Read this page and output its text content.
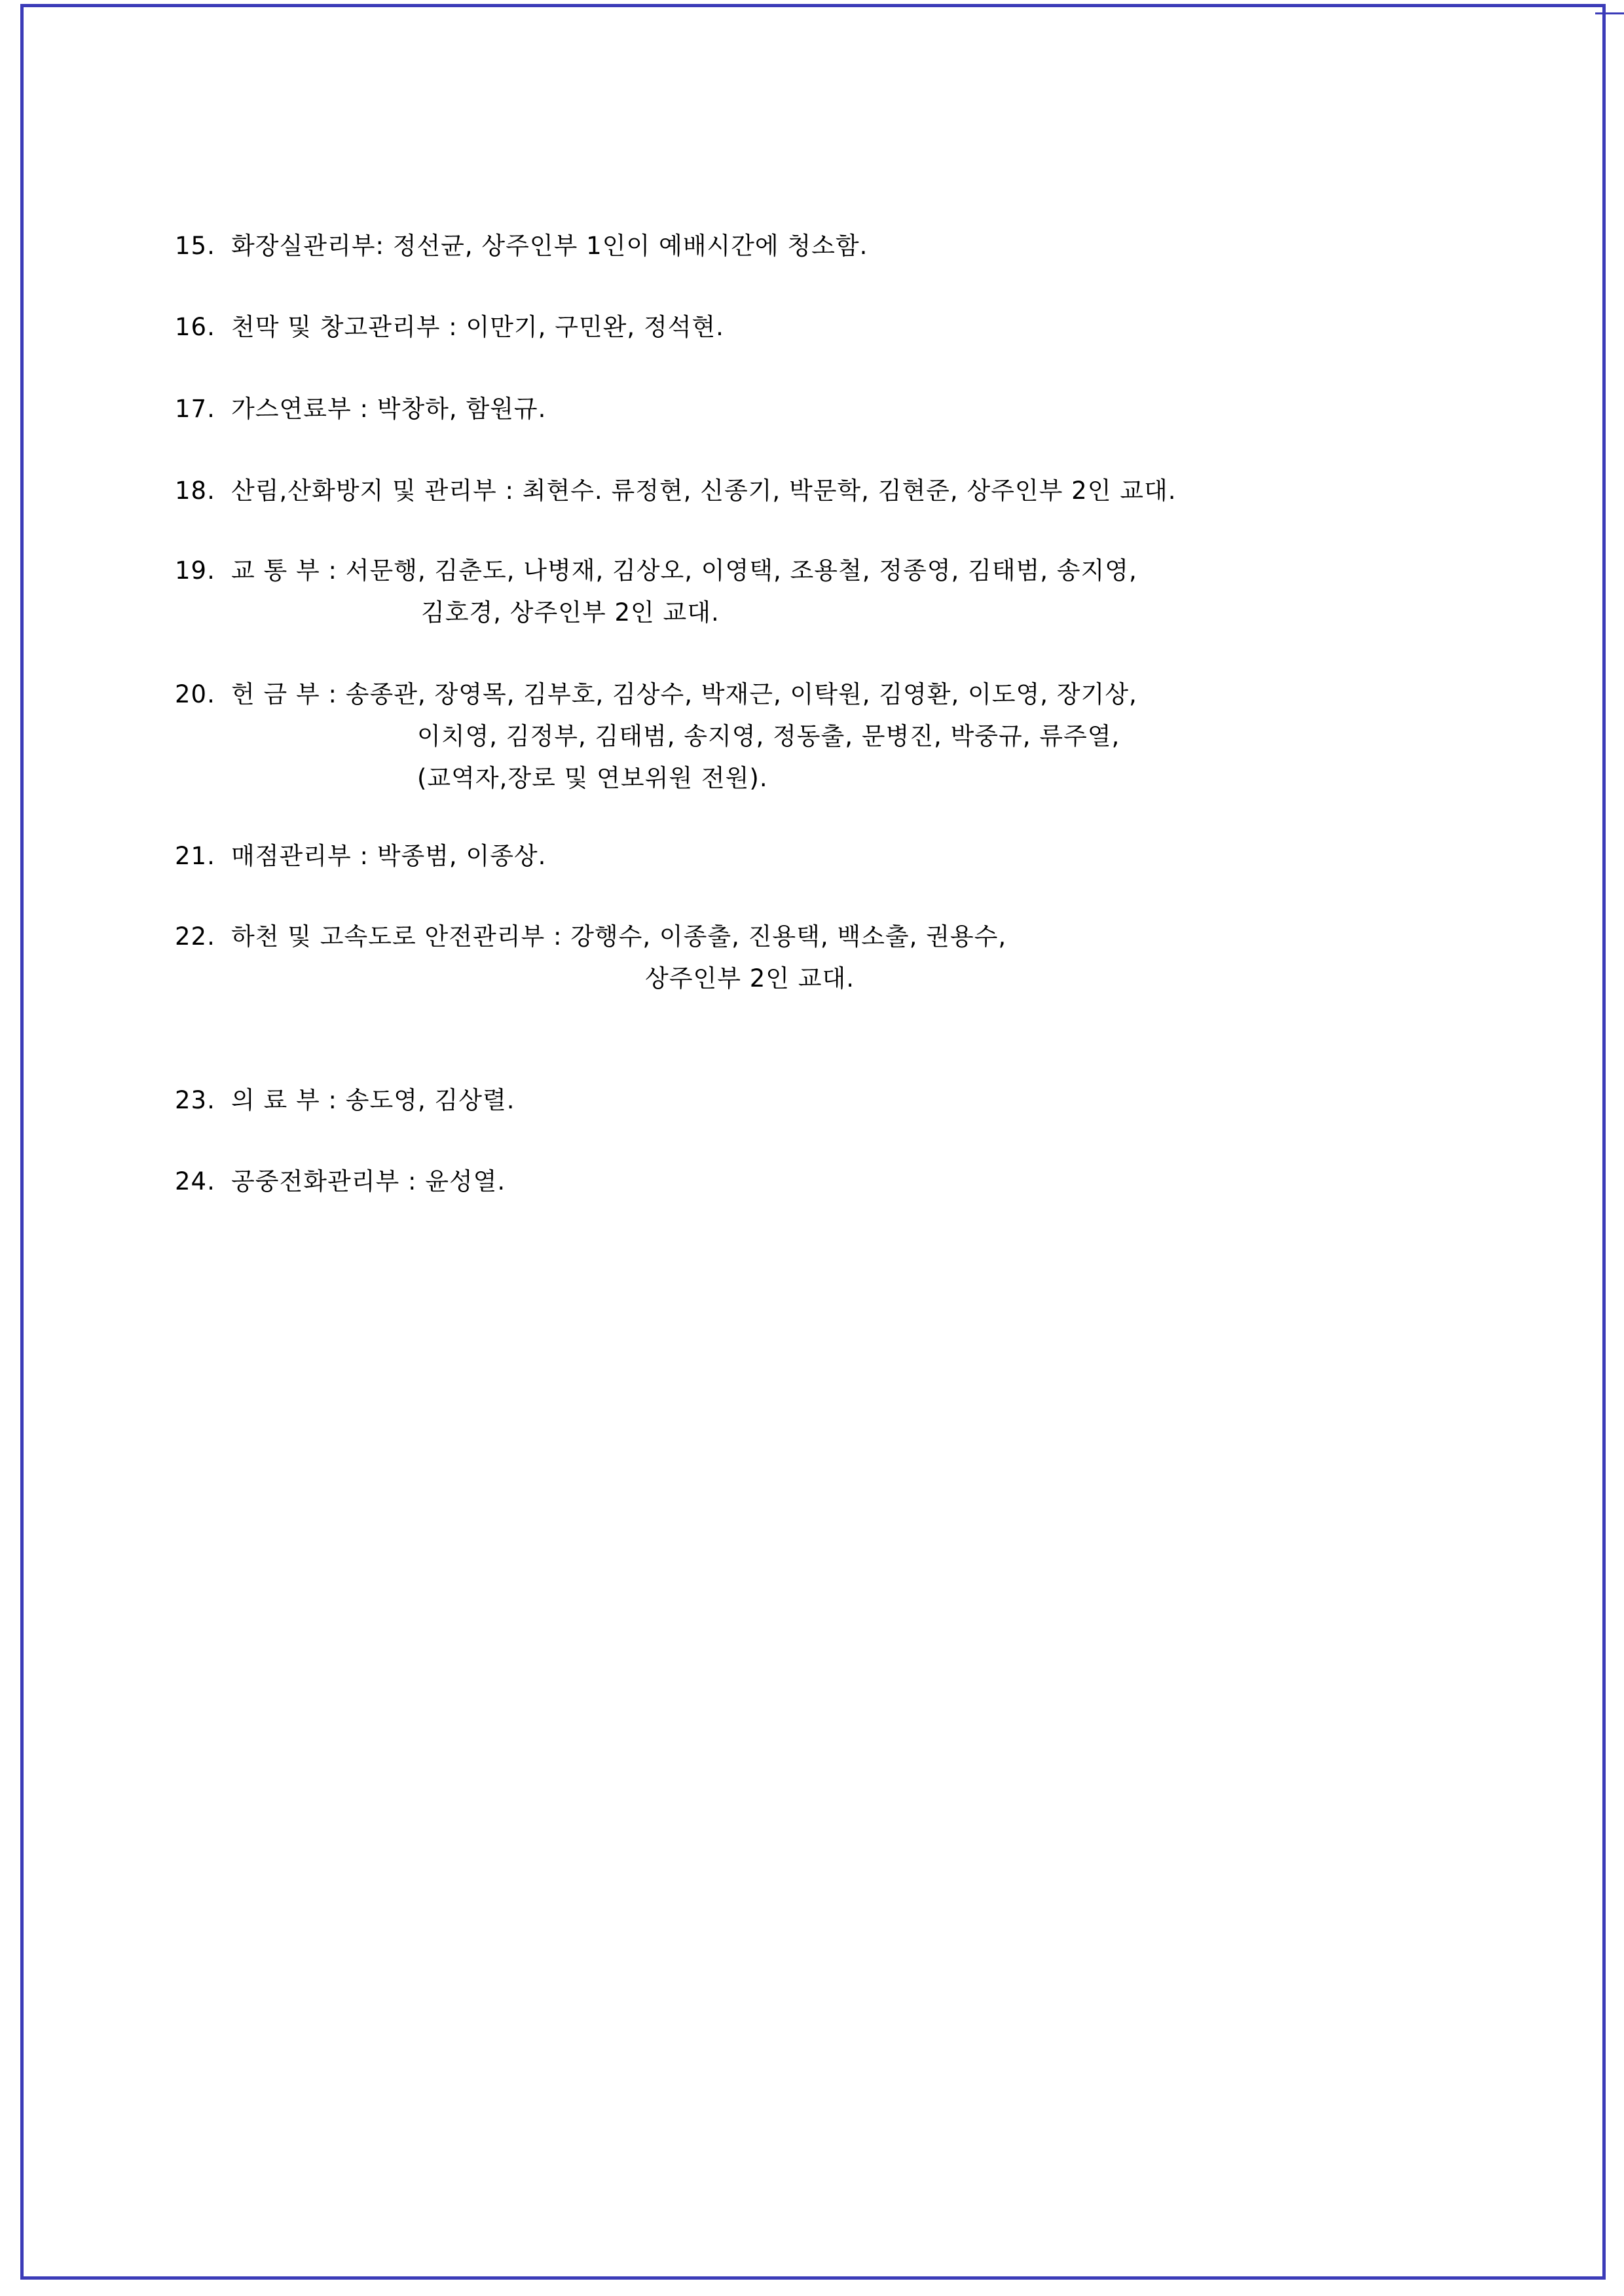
15. 화장실관리부: 정선균, 상주인부 1인이 예배시간에 청소함.
16. 천막 및 창고관리부 : 이만기, 구민완, 정석현.
17. 가스연료부 : 박창하, 함원규.
18. 산림,산화방지 및 관리부 : 최현수. 류정현, 신종기, 박문학, 김현준, 상주인부 2인 교대.
19. 교 통 부 : 서문행, 김춘도, 나병재, 김상오, 이영택, 조용철, 정종영, 김태범, 송지영,
김호경, 상주인부 2인 교대.
20. 헌 금 부 : 송종관, 장영목, 김부호, 김상수, 박재근, 이탁원, 김영환, 이도영, 장기상,
이치영, 김정부, 김태범, 송지영, 정동출, 문병진, 박중규, 류주열,
(교역자,장로 및 연보위원 전원).
21. 매점관리부 : 박종범, 이종상.
22. 하천 및 고속도로 안전관리부 : 강행수, 이종출, 진용택, 백소출, 권용수,
상주인부 2인 교대.
23. 의 료 부 : 송도영, 김상렬.
24. 공중전화관리부 : 윤성열.
